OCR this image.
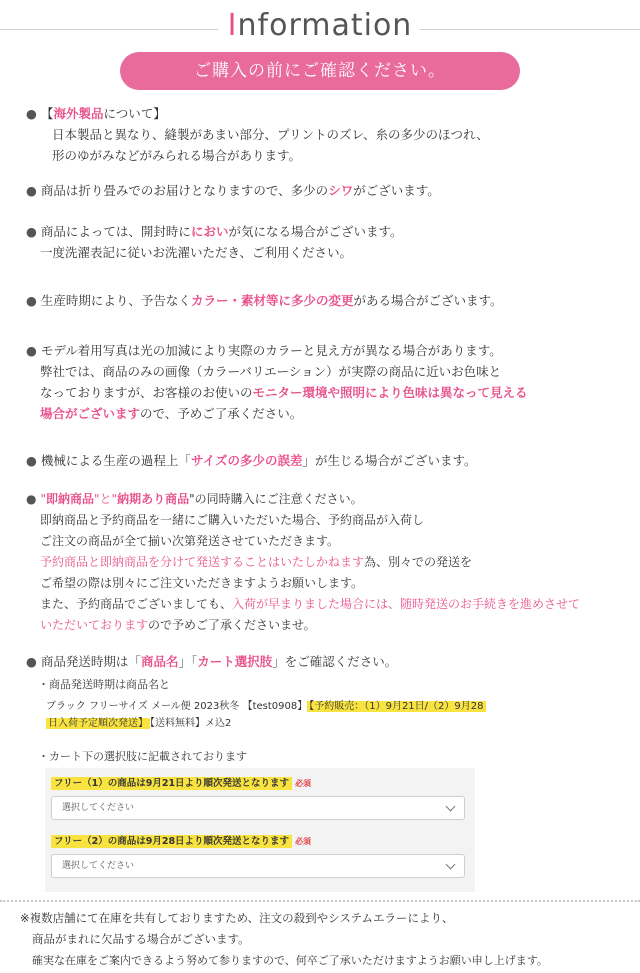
Information
ご購入の前にご確認ください。
● 【海外製品について】
日本製品と異なり、縫製があまい部分、プリントのズレ、糸の多少のほつれ、
形のゆがみなどがみられる場合があります。
● 商品は折り畳みでのお届けとなりますので、多少のシワがございます。
● 商品によっては、開封時ににおいが気になる場合がございます。
一度洗濯表記に従いお洗濯いただき、ご利用ください。
● 生産時期により、予告なくカラー・素材等に多少の変更がある場合がございます。
● モデル着用写真は光の加減により実際のカラーと見え方が異なる場合があります。
弊社では、商品のみの画像（カラーバリエーション）が実際の商品に近いお色味と
なっておりますが、お客様のお使いのモニター環境や照明により色味は異なって見える
場合がございますので、予めご了承ください。
● 機械による生産の過程上「サイズの多少の誤差」が生じる場合がございます。
● "即納商品"と"納期あり商品"の同時購入にご注意ください。
即納商品と予約商品を一緒にご購入いただいた場合、予約商品が入荷し
ご注文の商品が全て揃い次第発送させていただきます。
予約商品と即納商品を分けて発送することはいたしかねます為、別々での発送を
ご希望の際は別々にご注文いただきますようお願いします。
また、予約商品でございましても、入荷が早まりました場合には、随時発送のお手続きを進めさせて
いただいておりますので予めご了承くださいませ。
● 商品発送時期は「商品名」「カート選択肢」をご確認ください。
・商品発送時期は商品名と
ブラック フリーサイズ メール便 2023秋冬 【test0908】 【予約販売：（1）9月21日/（2）9月28
日入荷予定順次発送】 【送料無料】メ込2
・カート下の選択肢に記載されております
フリー（1）の商品は9月21日より順次発送となります 必須
選択してください
フリー（2）の商品は9月28日より順次発送となります 必須
選択してください
※複数店舗にて在庫を共有しておりますため、注文の殺到やシステムエラーにより、
商品がまれに欠品する場合がございます。
確実な在庫をご案内できるよう努めて参りますので、何卒ご了承いただけますようお願い申し上げます。
